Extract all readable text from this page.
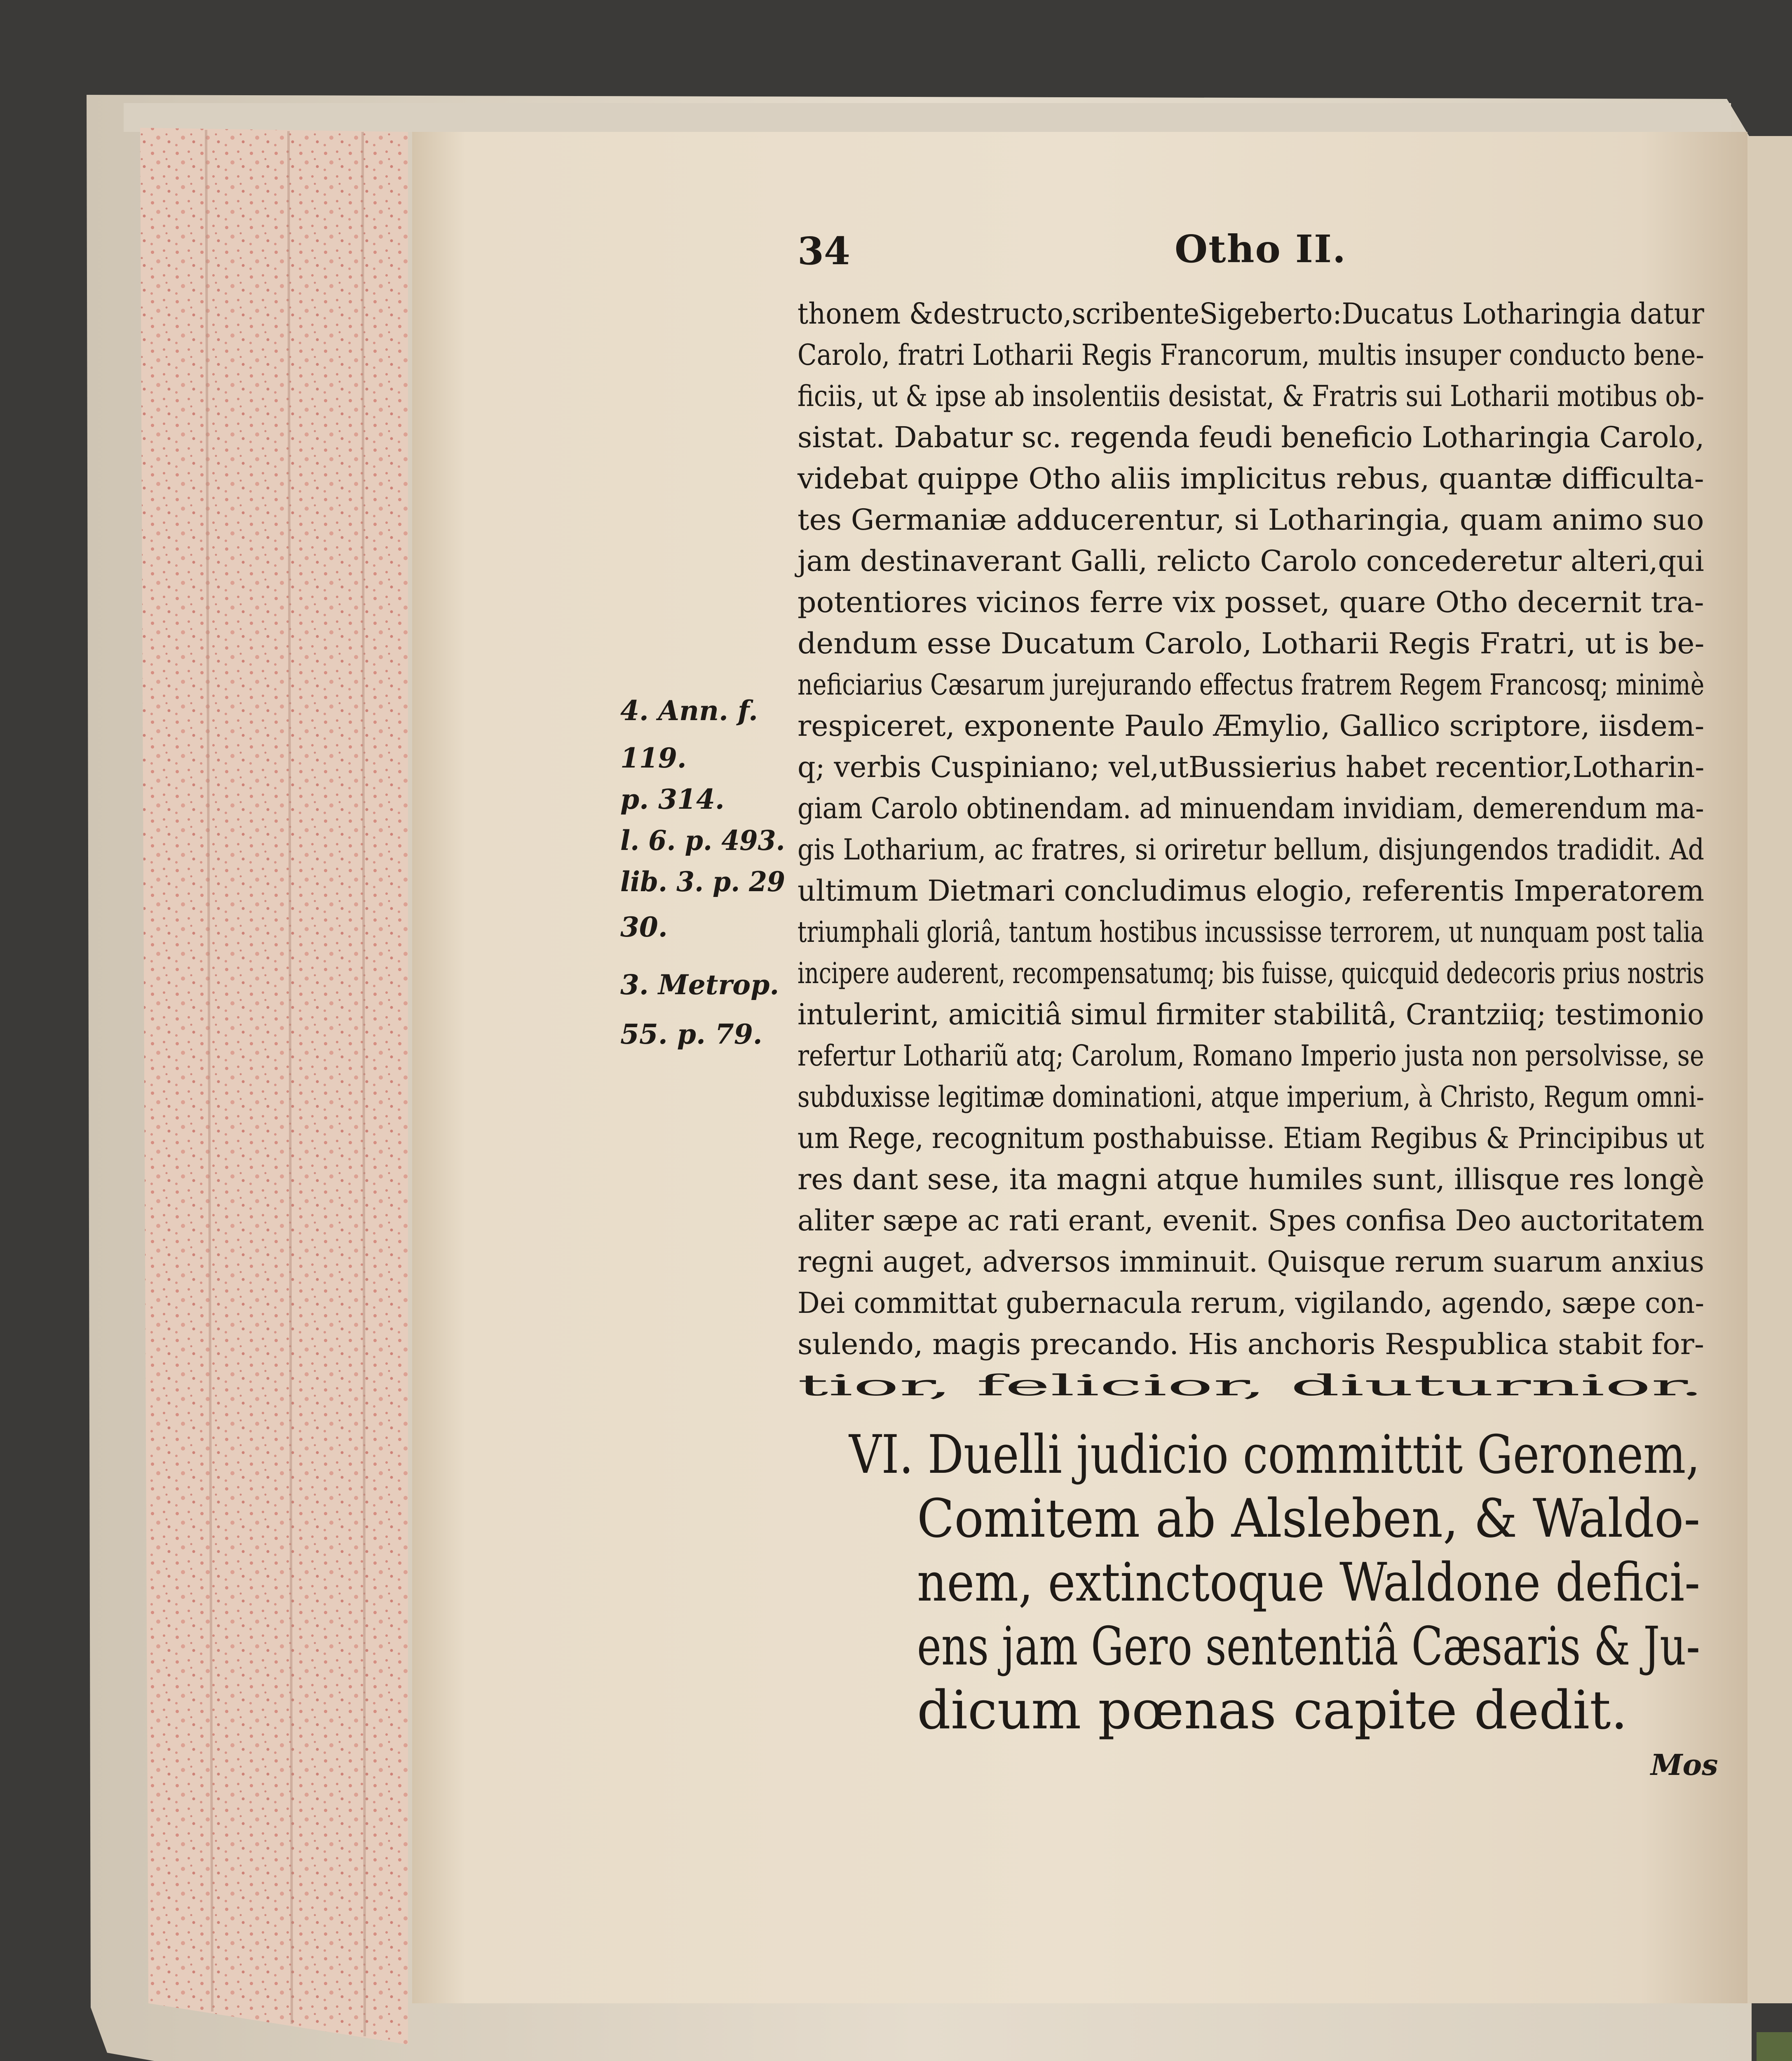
34	Otho II.
thonem &destructo,scribenteSigeberto:Ducatus Lotharingia datur
Carolo, fratri Lotharii Regis Francorum, multis insuper conducto bene-
ficiis, ut & ipse ab insolentiis desistat, & Fratris sui Lotharii motibus ob-
sistat. Dabatur sc. regenda feudi beneficio Lotharingia Carolo,
videbat quippe Otho aliis implicitus rebus, quantæ difficulta-
tes Germaniæ adducerentur, si Lotharingia, quam animo suo
jam destinaverant Galli, relicto Carolo concederetur alteri,qui
potentiores vicinos ferre vix posset, quare Otho decernit tra-
dendum esse Ducatum Carolo, Lotharii Regis Fratri, ut is be-
neficiarius Cæsarum jurejurando effectus fratrem Regem Francosq; minimè
respiceret, exponente Paulo Æmylio, Gallico scriptore, iisdem-
q; verbis Cuspiniano; vel,utBussierius habet recentior,Lotharin-
giam Carolo obtinendam. ad minuendam invidiam, demerendum ma-
gis Lotharium, ac fratres, si oriretur bellum, disjungendos tradidit. Ad
ultimum Dietmari concludimus elogio, referentis Imperatorem
triumphali gloriâ, tantum hostibus incussisse terrorem, ut nunquam post talia
incipere auderent, recompensatumq; bis fuisse, quicquid dedecoris prius nostris
intulerint, amicitiâ simul firmiter stabilitâ, Crantziiq; testimonio
refertur Lothariũ atq; Carolum, Romano Imperio justa non persolvisse, se
subduxisse legitimæ dominationi, atque imperium, à Christo, Regum omni-
um Rege, recognitum posthabuisse. Etiam Regibus & Principibus ut
res dant sese, ita magni atque humiles sunt, illisque res longè
aliter sæpe ac rati erant, evenit. Spes confisa Deo auctoritatem
regni auget, adversos imminuit. Quisque rerum suarum anxius
Dei committat gubernacula rerum, vigilando, agendo, sæpe con-
sulendo, magis precando. His anchoris Respublica stabit for-
tior, felicior, diuturnior.
4. Ann. f.
119.
p. 314.
l. 6. p. 493.
lib. 3. p. 29
30.
3. Metrop.
55. p. 79.
VI. Duelli judicio committit Geronem,
Comitem ab Alsleben, & Waldo-
nem, extinctoque Waldone defici-
ens jam Gero sententiâ Cæsaris & Ju-
dicum pœnas capite dedit.
Mos
